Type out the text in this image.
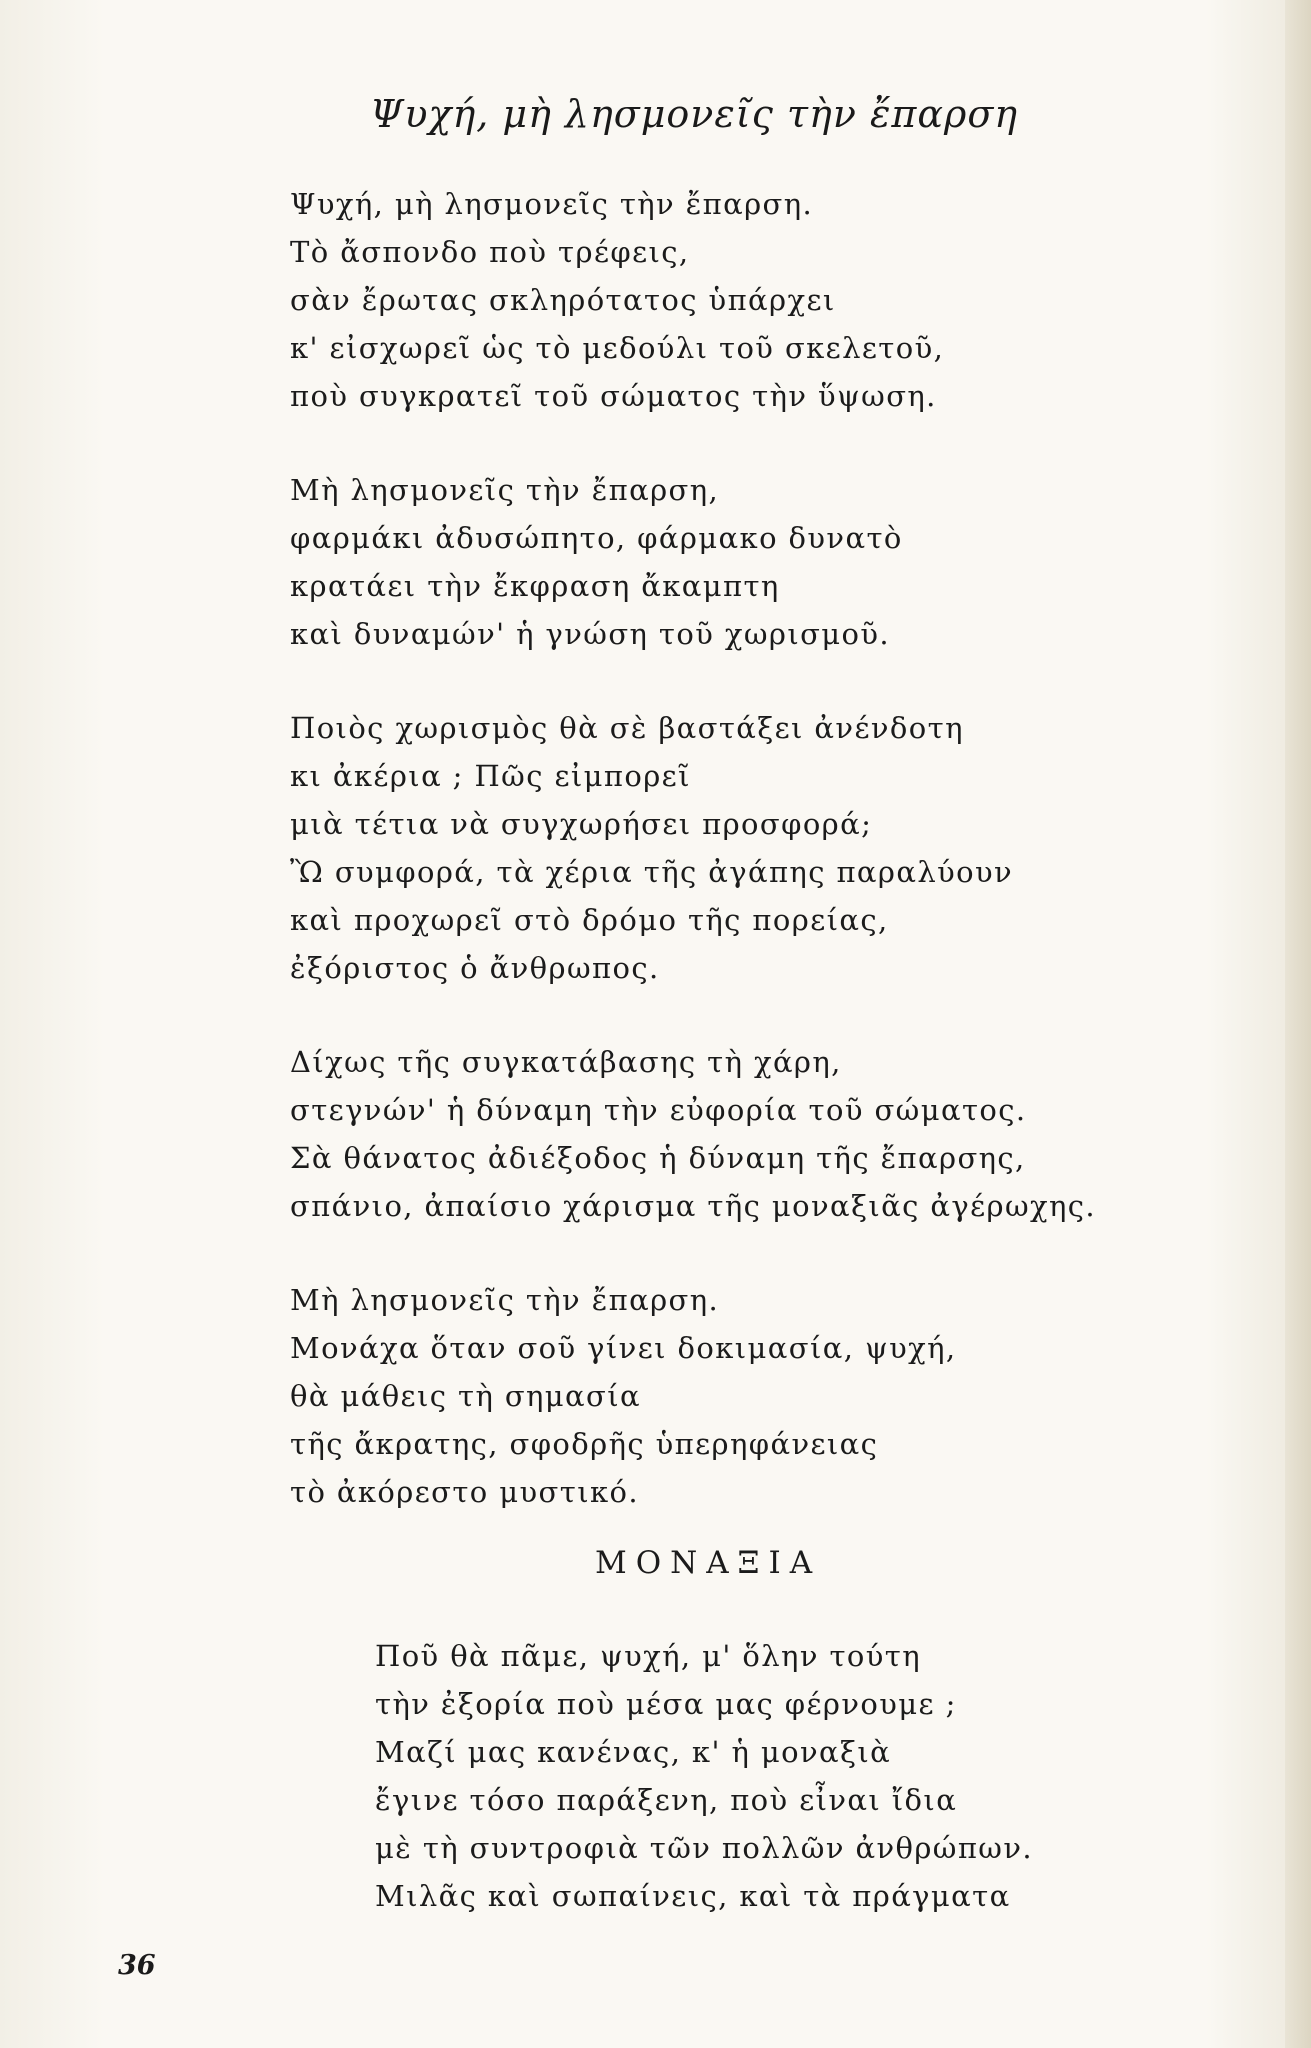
Ψυχή, μὴ λησμονεῖς τὴν ἔπαρση
Ψυχή, μὴ λησμονεῖς τὴν ἔπαρση.
Τὸ ἄσπονδο ποὺ τρέφεις,
σὰν ἔρωτας σκληρότατος ὑπάρχει
κ' εἰσχωρεῖ ὡς τὸ μεδούλι τοῦ σκελετοῦ,
ποὺ συγκρατεῖ τοῦ σώματος τὴν ὕψωση.
Μὴ λησμονεῖς τὴν ἔπαρση,
φαρμάκι ἀδυσώπητο, φάρμακο δυνατὸ
κρατάει τὴν ἔκφραση ἄκαμπτη
καὶ δυναμών' ἡ γνώση τοῦ χωρισμοῦ.
Ποιὸς χωρισμὸς θὰ σὲ βαστάξει ἀνένδοτη
κι ἀκέρια ; Πῶς εἰμπορεῖ
μιὰ τέτια νὰ συγχωρήσει προσφορά;
Ὢ συμφορά, τὰ χέρια τῆς ἀγάπης παραλύουν
καὶ προχωρεῖ στὸ δρόμο τῆς πορείας,
ἐξόριστος ὁ ἄνθρωπος.
Δίχως τῆς συγκατάβασης τὴ χάρη,
στεγνών' ἡ δύναμη τὴν εὐφορία τοῦ σώματος.
Σὰ θάνατος ἀδιέξοδος ἡ δύναμη τῆς ἔπαρσης,
σπάνιο, ἀπαίσιο χάρισμα τῆς μοναξιᾶς ἀγέρωχης.
Μὴ λησμονεῖς τὴν ἔπαρση.
Μονάχα ὅταν σοῦ γίνει δοκιμασία, ψυχή,
θὰ μάθεις τὴ σημασία
τῆς ἄκρατης, σφοδρῆς ὑπερηφάνειας
τὸ ἀκόρεστο μυστικό.
ΜΟΝΑΞΙΑ
Ποῦ θὰ πᾶμε, ψυχή, μ' ὅλην τούτη
τὴν ἐξορία ποὺ μέσα μας φέρνουμε ;
Μαζί μας κανένας, κ' ἡ μοναξιὰ
ἔγινε τόσο παράξενη, ποὺ εἶναι ἴδια
μὲ τὴ συντροφιὰ τῶν πολλῶν ἀνθρώπων.
Μιλᾶς καὶ σωπαίνεις, καὶ τὰ πράγματα
36
